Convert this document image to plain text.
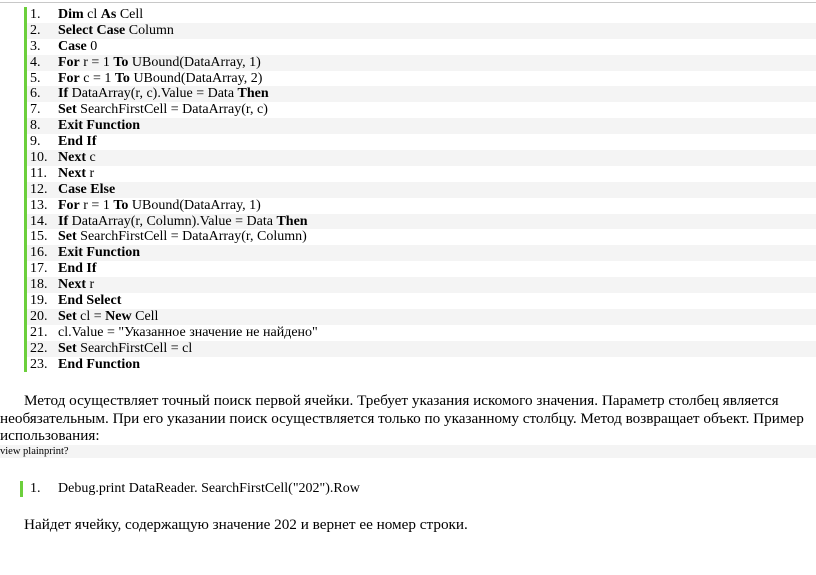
1. Dim cl As Cell
2. Select Case Column
3. Case 0
4. For r = 1 To UBound(DataArray, 1)
5. For c = 1 To UBound(DataArray, 2)
6. If DataArray(r, c).Value = Data Then
7. Set SearchFirstCell = DataArray(r, c)
8. Exit Function
9. End If
10. Next c
11. Next r
12. Case Else
13. For r = 1 To UBound(DataArray, 1)
14. If DataArray(r, Column).Value = Data Then
15. Set SearchFirstCell = DataArray(r, Column)
16. Exit Function
17. End If
18. Next r
19. End Select
20. Set cl = New Cell
21. cl.Value = "Указанное значение не найдено"
22. Set SearchFirstCell = cl
23. End Function
Метод осуществляет точный поиск первой ячейки. Требует указания искомого значения. Параметр столбец является необязательным. При его указании поиск осуществляется только по указанному столбцу. Метод возвращает объект. Пример использования:
view plainprint?
1. Debug.print DataReader. SearchFirstCell("202").Row
Найдет ячейку, содержащую значение 202 и вернет ее номер строки.
